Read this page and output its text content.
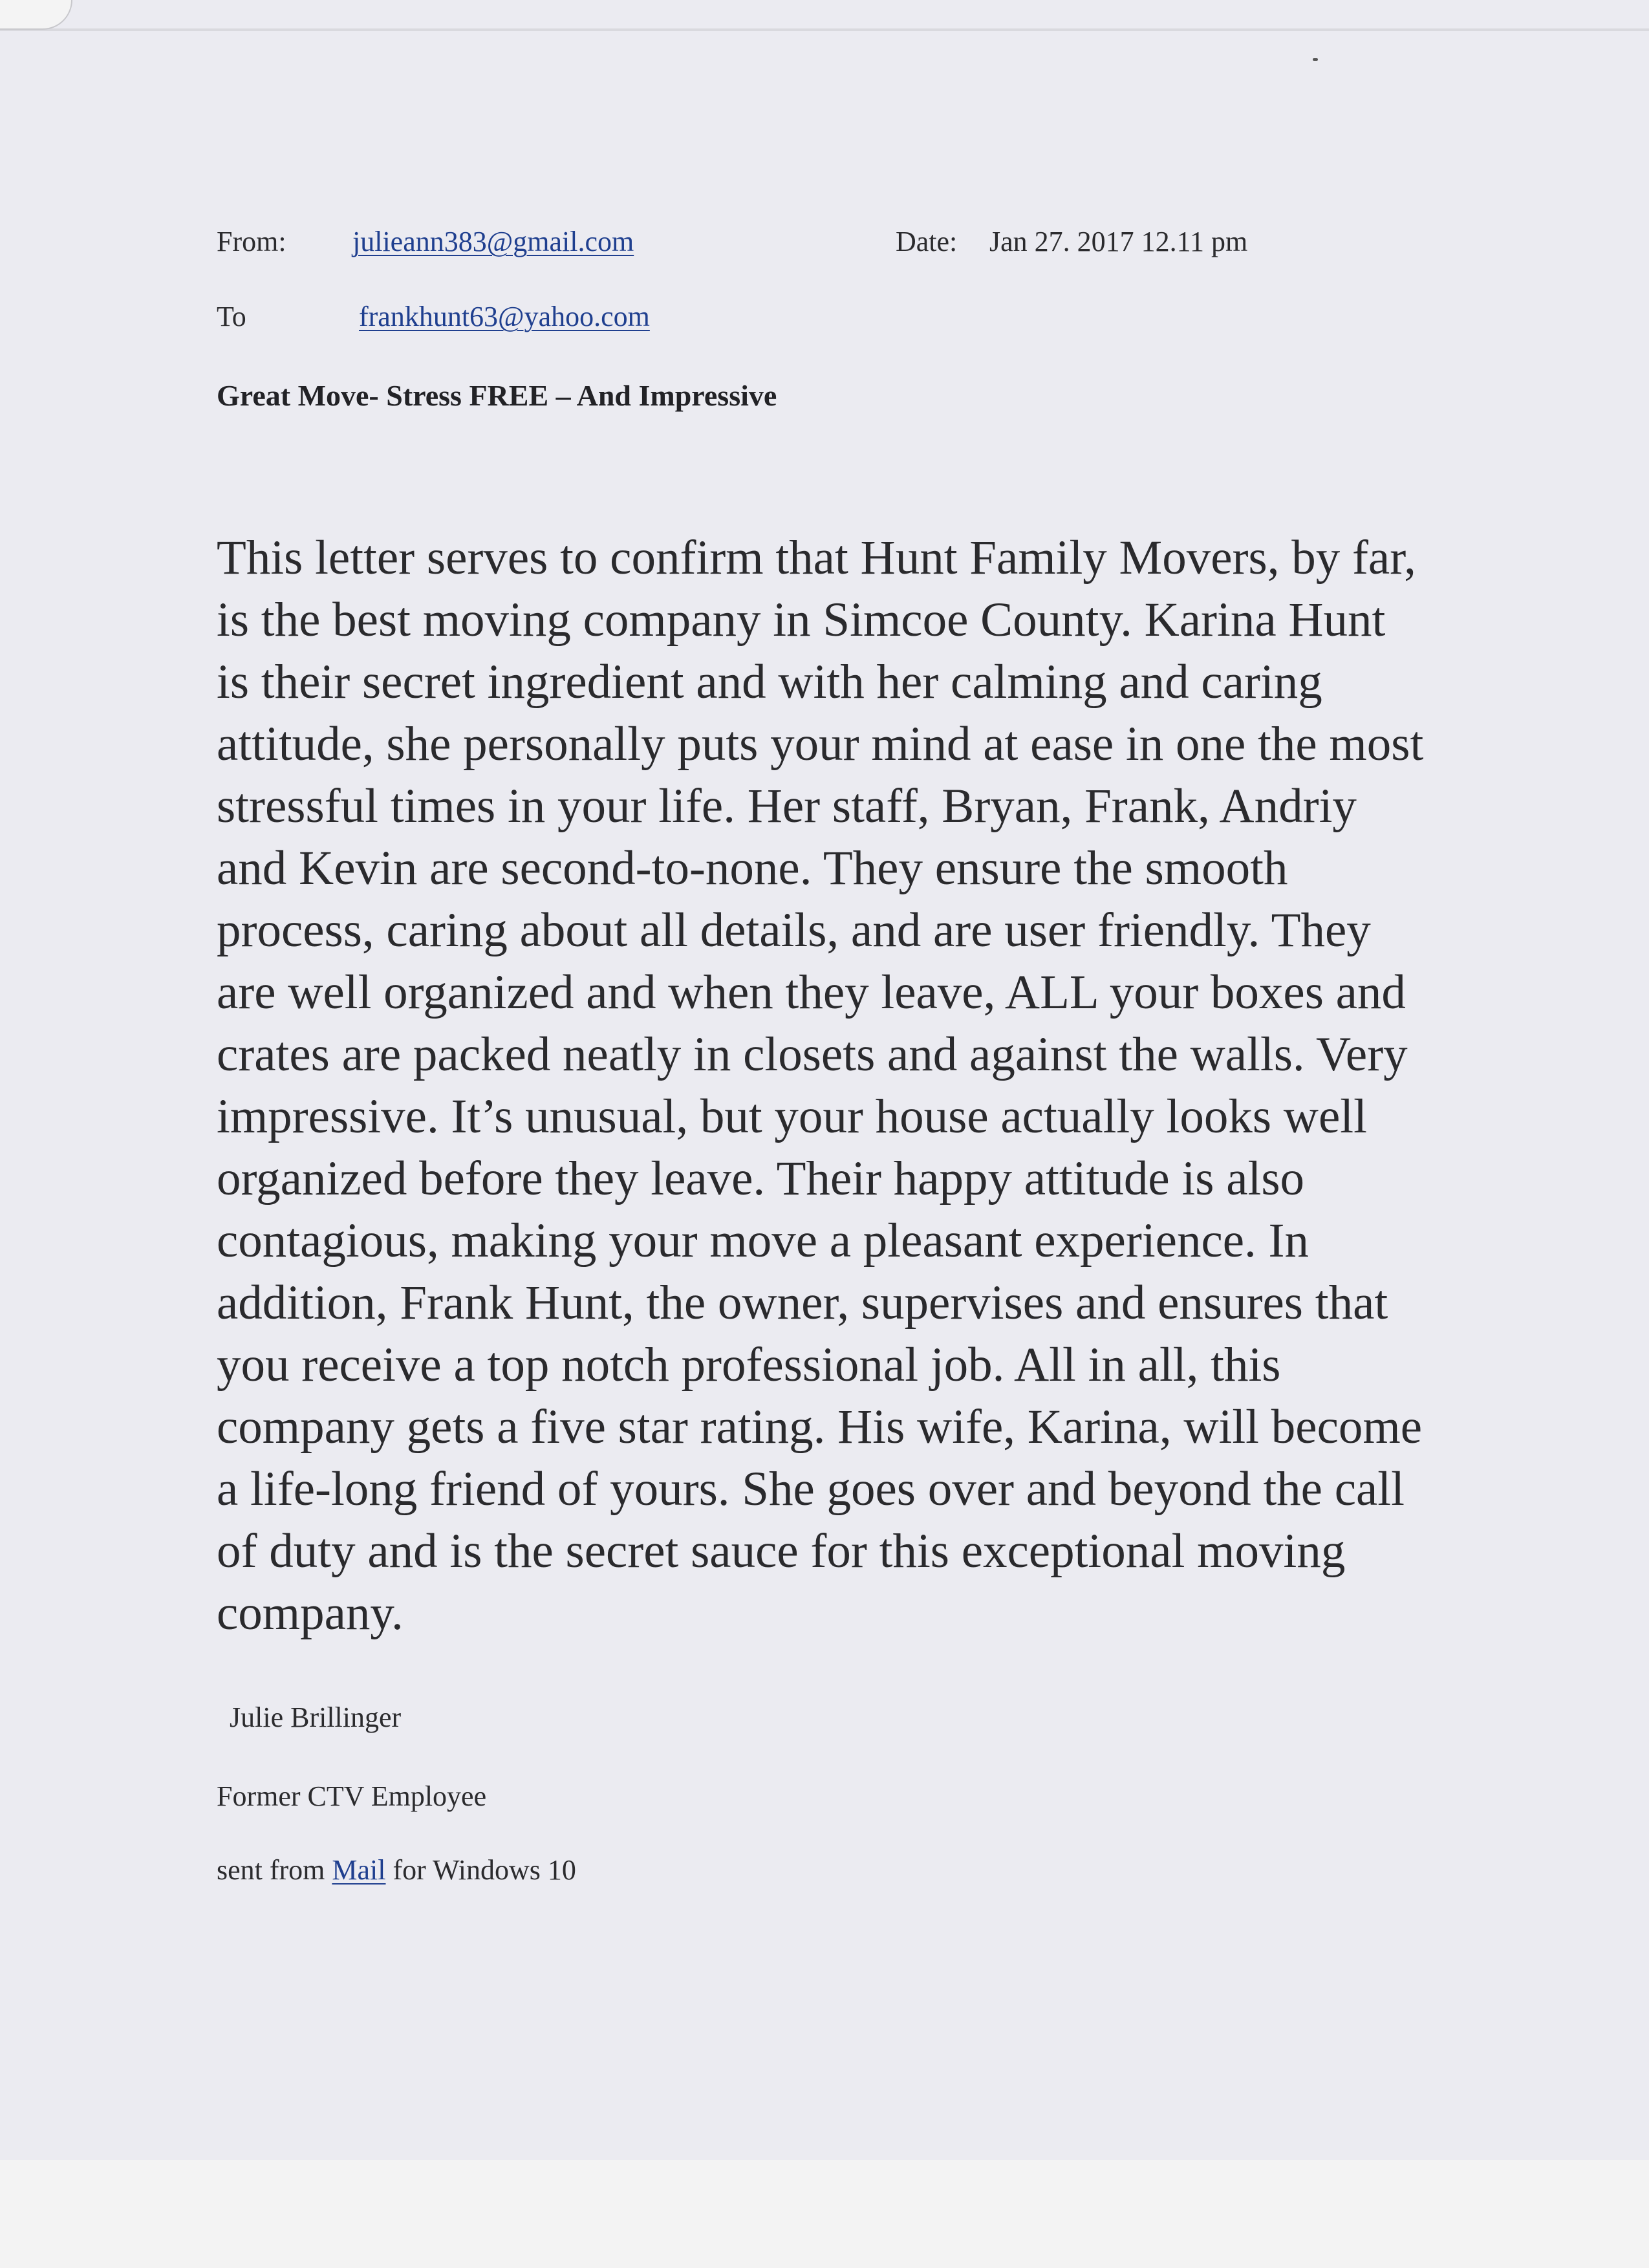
From: julieann383@gmail.com	Date: Jan 27. 2017 12.11 pm
To	frankhunt63@yahoo.com
Great Move- Stress FREE – And Impressive
This letter serves to confirm that Hunt Family Movers, by far,
is the best moving company in Simcoe County. Karina Hunt
is their secret ingredient and with her calming and caring
attitude, she personally puts your mind at ease in one the most
stressful times in your life. Her staff, Bryan, Frank, Andriy
and Kevin are second-to-none. They ensure the smooth
process, caring about all details, and are user friendly. They
are well organized and when they leave, ALL your boxes and
crates are packed neatly in closets and against the walls. Very
impressive. It’s unusual, but your house actually looks well
organized before they leave. Their happy attitude is also
contagious, making your move a pleasant experience. In
addition, Frank Hunt, the owner, supervises and ensures that
you receive a top notch professional job. All in all, this
company gets a five star rating. His wife, Karina, will become
a life-long friend of yours. She goes over and beyond the call
of duty and is the secret sauce for this exceptional moving
company.
Julie Brillinger
Former CTV Employee
sent from Mail for Windows 10
